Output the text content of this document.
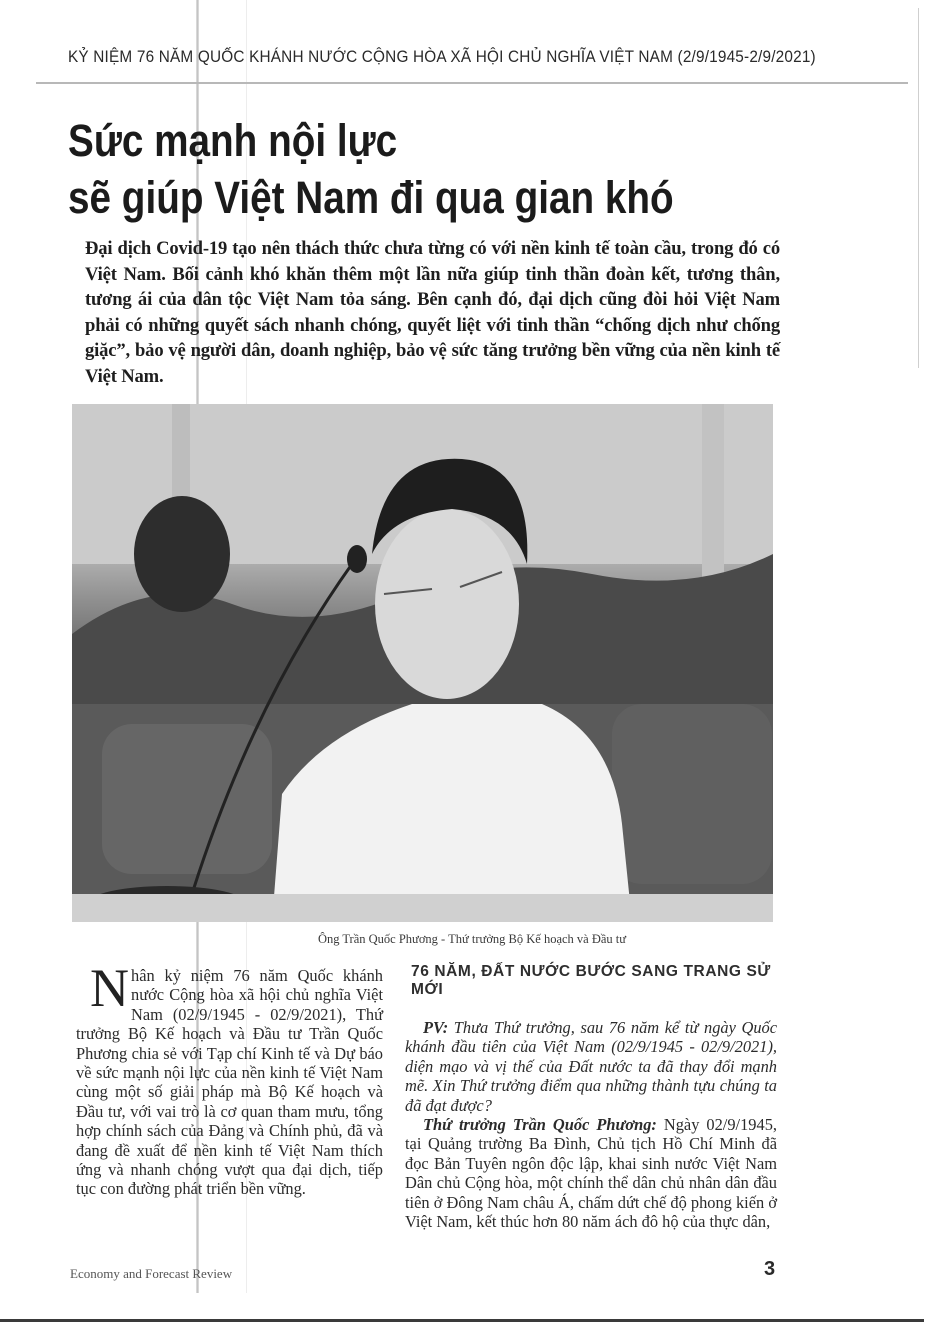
KỶ NIỆM 76 NĂM QUỐC KHÁNH NƯỚC CỘNG HÒA XÃ HỘI CHỦ NGHĨA VIỆT NAM (2/9/1945-2/9/2021)
Sức mạnh nội lực
sẽ giúp Việt Nam đi qua gian khó
Đại dịch Covid-19 tạo nên thách thức chưa từng có với nền kinh tế toàn cầu, trong đó có Việt Nam. Bối cảnh khó khăn thêm một lần nữa giúp tinh thần đoàn kết, tương thân, tương ái của dân tộc Việt Nam tỏa sáng. Bên cạnh đó, đại dịch cũng đòi hỏi Việt Nam phải có những quyết sách nhanh chóng, quyết liệt với tinh thần “chống dịch như chống giặc”, bảo vệ người dân, doanh nghiệp, bảo vệ sức tăng trưởng bền vững của nền kinh tế Việt Nam.
Ông Trần Quốc Phương - Thứ trưởng Bộ Kế hoạch và Đầu tư
N hân kỷ niệm 76 năm Quốc khánh nước Cộng hòa xã hội chủ nghĩa Việt Nam (02/9/1945 - 02/9/2021), Thứ trưởng Bộ Kế hoạch và Đầu tư Trần Quốc Phương chia sẻ với Tạp chí Kinh tế và Dự báo về sức mạnh nội lực của nền kinh tế Việt Nam cùng một số giải pháp mà Bộ Kế hoạch và Đầu tư, với vai trò là cơ quan tham mưu, tổng hợp chính sách của Đảng và Chính phủ, đã và đang đề xuất để nền kinh tế Việt Nam thích ứng và nhanh chóng vượt qua đại dịch, tiếp tục con đường phát triển bền vững.
76 NĂM, ĐẤT NƯỚC BƯỚC SANG TRANG SỬ MỚI

PV: Thưa Thứ trưởng, sau 76 năm kể từ ngày Quốc khánh đầu tiên của Việt Nam (02/9/1945 - 02/9/2021), diện mạo và vị thế của Đất nước ta đã thay đổi mạnh mẽ. Xin Thứ trưởng điểm qua những thành tựu chúng ta đã đạt được?

Thứ trưởng Trần Quốc Phương: Ngày 02/9/1945, tại Quảng trường Ba Đình, Chủ tịch Hồ Chí Minh đã đọc Bản Tuyên ngôn độc lập, khai sinh nước Việt Nam Dân chủ Cộng hòa, một chính thể dân chủ nhân dân đầu tiên ở Đông Nam châu Á, chấm dứt chế độ phong kiến ở Việt Nam, kết thúc hơn 80 năm ách đô hộ của thực dân,

Economy and Forecast Review	3
